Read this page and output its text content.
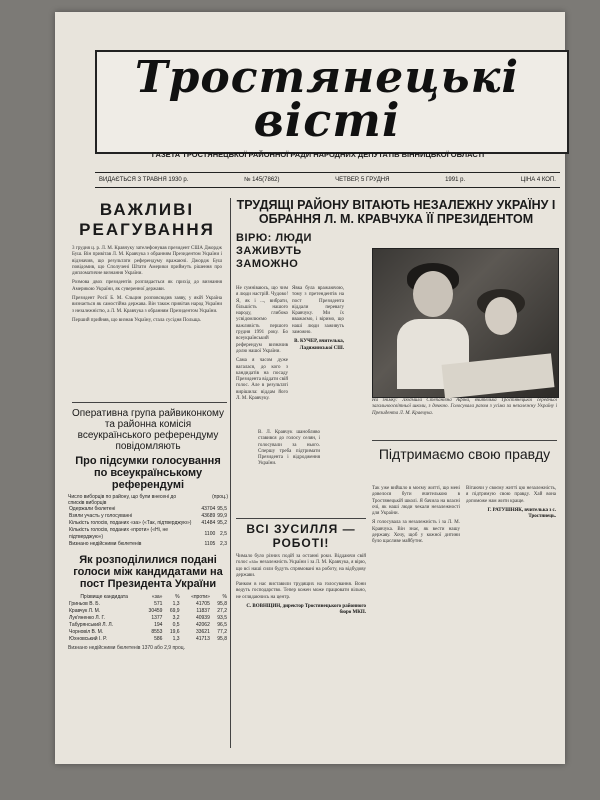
Тростянецькі
вісті
ГАЗЕТА ТРОСТЯНЕЦЬКОЇ РАЙОННОЇ РАДИ НАРОДНИХ ДЕПУТАТІВ ВІННИЦЬКОЇ ОБЛАСТІ
ВИДАЄТЬСЯ З ТРАВНЯ 1930 р.	№ 145(7862)	ЧЕТВЕР, 5 ГРУДНЯ	1991 р.	ЦІНА 4 КОП.
ВАЖЛИВІ РЕАГУВАННЯ

3 грудня ц. р. Л. М. Кравчуку зателефонував президент США Джордж Буш. Він привітав Л. М. Кравчука з обранням Президентом України і відзначив, що результати референдуму вражаючі. Джордж Буш повідомив, що Сполучені Штати Америки приймуть рішення про дипломатичне визнання України.

Розмова двох президентів розглядається як прихід до визнання Америкою України, як суверенної держави.

Президент Росії Б. М. Єльцин розповсюдив заяву, у якій Україна визнається як самостійна держава. Він також привітав народ України з незалежністю, а Л. М. Кравчука з обранням Президентом України.

Перший прийняв, що визнав Україну, стала сусідня Польща.

Оперативна група райвиконкому та районна комісія всеукраїнського референдуму повідомляють
Про підсумки голосування по всеукраїнському референдумі
Число виборців по району, що були внесені до списків виборців
(проц.)
Одержали бюлетені	43704	95,5
Взяли участь у голосуванні	43689	99,9
Кількість голосів, поданих «за» («Так, підтверджую»)	41484	95,2
Кількість голосів, поданих «проти» («Ні, не підтверджую»)	1100	2,5
Визнано недійсними бюлетенів	1105	2,3
Як розподілилися подані голоси між кандидатами на пост Президента України
Прізвище кандидата	«за»	%	«проти»	%
Гриньов В. Б.	571	1,3	41705	95,8
Кравчук Л. М.	30459	69,9	11837	27,2
Лук'яненко Л. Г.	1377	3,2	40939	93,5
Табурянський Л. Л.	194	0,5	42062	96,5
Чорновіл В. М.	8553	19,6	33621	77,2
Юхновський І. Р.	586	1,3	41713	95,8

Визнано недійсними бюлетенів 1370 або 2,9 проц.

ТРУДЯЩІ РАЙОНУ ВІТАЮТЬ НЕЗАЛЕЖНУ УКРАЇНУ І ОБРАННЯ Л. М. КРАВЧУКА ЇЇ ПРЕЗИДЕНТОМ
ВІРЮ: ЛЮДИ ЗАЖИВУТЬ ЗАМОЖНО

Не сумніваюсь, що чим я люди настрій. Чудово! Я, як і ..., вибрати, більшість нашого народу, глибоко усвідомлюємо важливість першого грудня 1991 року. Бо всеукраїнський референдум визначив долю нашої України.

Сама я часом дуже вагалася, до кого з кандидатів на посаду Президента віддати свій голос. Але в результаті вирішила: віддам його Л. М. Кравчуку.

Явка була вражаючою, тому з претендентів на пост Президента віддали перевагу Кравчуку. Ми їх вважаємо, і віримо, що наші люди заживуть заможно.

В. КУЧЕР, вчителька, Ладижинської СШ.

В. Л. Кравчук шанобливо ставився до голосу селян, і голосували за нього. Спершу треба підтримати Президента і відродження України.

ВСІ ЗУСИЛЛЯ — РОБОТІ!

Чимало було різних подій за останні роки. Віддаючи свій голос «за» незалежність України і за Л. М. Кравчука, я вірю, що всі наші сили будуть спрямовані на роботу, на відбудову держави.

Ранком в нас виставили трудящих на голосування. Вони ведуть господарство. Тепер кожен може працювати вільно, не оглядаючись на центр.

С. ВОВНЩИН, директор Тростянецького районного бюро МКП.

На знімку: Людмила Степанівна Афіна, вчителька Тростянецької середньої загальноосвітньої школи, з дочкою. Голосувала разом з усіма за незалежну Україну і Президента Л. М. Кравчука.

Підтримаємо свою правду

Так уже вийшло в моєму житті, що мені довелося бути вчителькою в Тростянецькій школі. Я бачила на власні очі, як наші люди чекали незалежності для України.

Я голосувала за незалежність і за Л. М. Кравчука. Він знає, як вести нашу державу. Хочу, щоб у кожної дитини було щасливе майбутнє.

Вітаючи у своєму житті цю незалежність, я підтримую свою правду. Хай вона допоможе нам жити краще.

Г. РАТУШНЯК, вчителька з с. Тростянець.
